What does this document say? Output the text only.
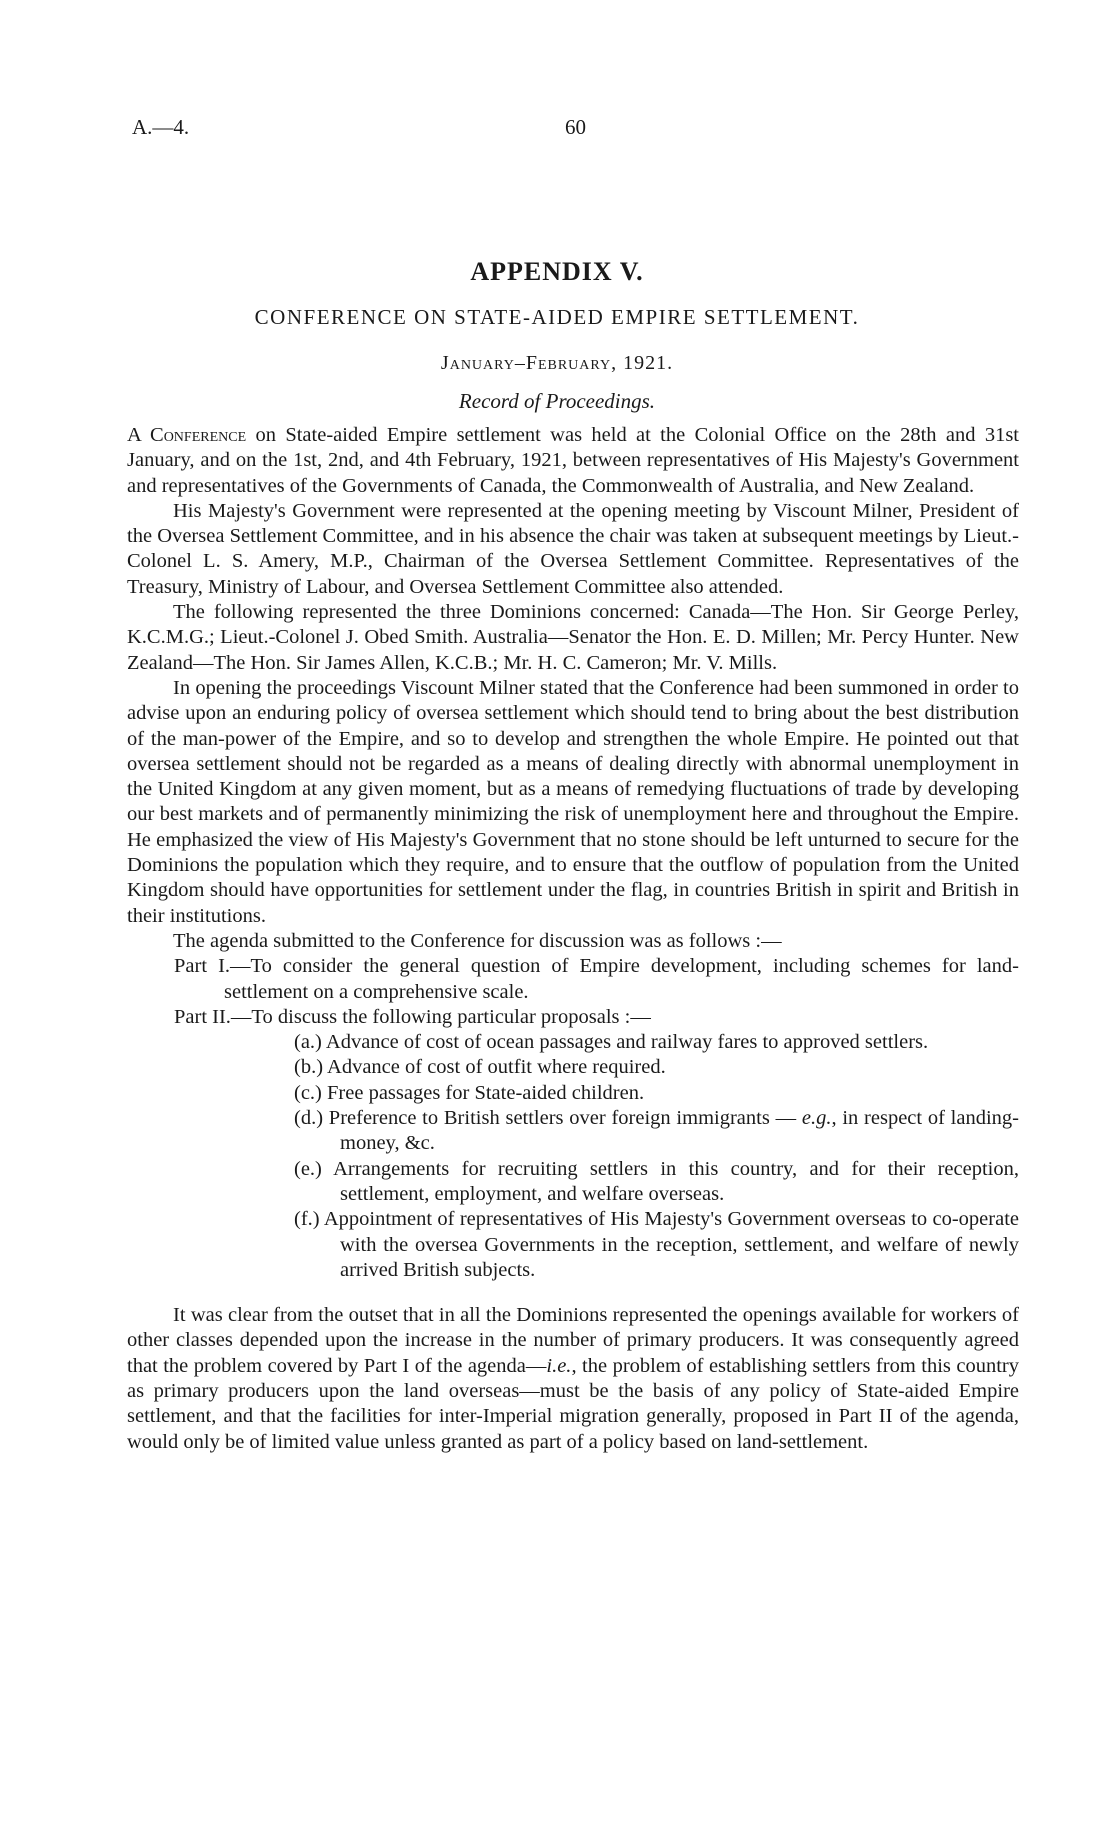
A.—4.	60
APPENDIX V.
CONFERENCE ON STATE-AIDED EMPIRE SETTLEMENT.
January–February, 1921.
Record of Proceedings.

A Conference on State-aided Empire settlement was held at the Colonial Office on the 28th and 31st January, and on the 1st, 2nd, and 4th February, 1921, between representatives of His Majesty's Government and representatives of the Governments of Canada, the Commonwealth of Australia, and New Zealand.

His Majesty's Government were represented at the opening meeting by Viscount Milner, President of the Oversea Settlement Committee, and in his absence the chair was taken at subsequent meetings by Lieut.-Colonel L. S. Amery, M.P., Chairman of the Oversea Settlement Committee. Representatives of the Treasury, Ministry of Labour, and Oversea Settlement Committee also attended.

The following represented the three Dominions concerned: Canada—The Hon. Sir George Perley, K.C.M.G.; Lieut.-Colonel J. Obed Smith. Australia—Senator the Hon. E. D. Millen; Mr. Percy Hunter. New Zealand—The Hon. Sir James Allen, K.C.B.; Mr. H. C. Cameron; Mr. V. Mills.

In opening the proceedings Viscount Milner stated that the Conference had been summoned in order to advise upon an enduring policy of oversea settlement which should tend to bring about the best distribution of the man-power of the Empire, and so to develop and strengthen the whole Empire. He pointed out that oversea settlement should not be regarded as a means of dealing directly with abnormal unemployment in the United Kingdom at any given moment, but as a means of remedying fluctuations of trade by developing our best markets and of permanently minimizing the risk of unemployment here and throughout the Empire. He emphasized the view of His Majesty's Government that no stone should be left unturned to secure for the Dominions the population which they require, and to ensure that the outflow of population from the United Kingdom should have opportunities for settlement under the flag, in countries British in spirit and British in their institutions.

The agenda submitted to the Conference for discussion was as follows :—

Part I.—To consider the general question of Empire development, including schemes for land-settlement on a comprehensive scale.

Part II.—To discuss the following particular proposals :—

(a.) Advance of cost of ocean passages and railway fares to approved settlers.

(b.) Advance of cost of outfit where required.

(c.) Free passages for State-aided children.

(d.) Preference to British settlers over foreign immigrants — e.g., in respect of landing-money, &c.

(e.) Arrangements for recruiting settlers in this country, and for their reception, settlement, employment, and welfare overseas.

(f.) Appointment of representatives of His Majesty's Government overseas to co-operate with the oversea Governments in the reception, settlement, and welfare of newly arrived British subjects.

It was clear from the outset that in all the Dominions represented the openings available for workers of other classes depended upon the increase in the number of primary producers. It was consequently agreed that the problem covered by Part I of the agenda—i.e., the problem of establishing settlers from this country as primary producers upon the land overseas—must be the basis of any policy of State-aided Empire settlement, and that the facilities for inter-Imperial migration generally, proposed in Part II of the agenda, would only be of limited value unless granted as part of a policy based on land-settlement.
